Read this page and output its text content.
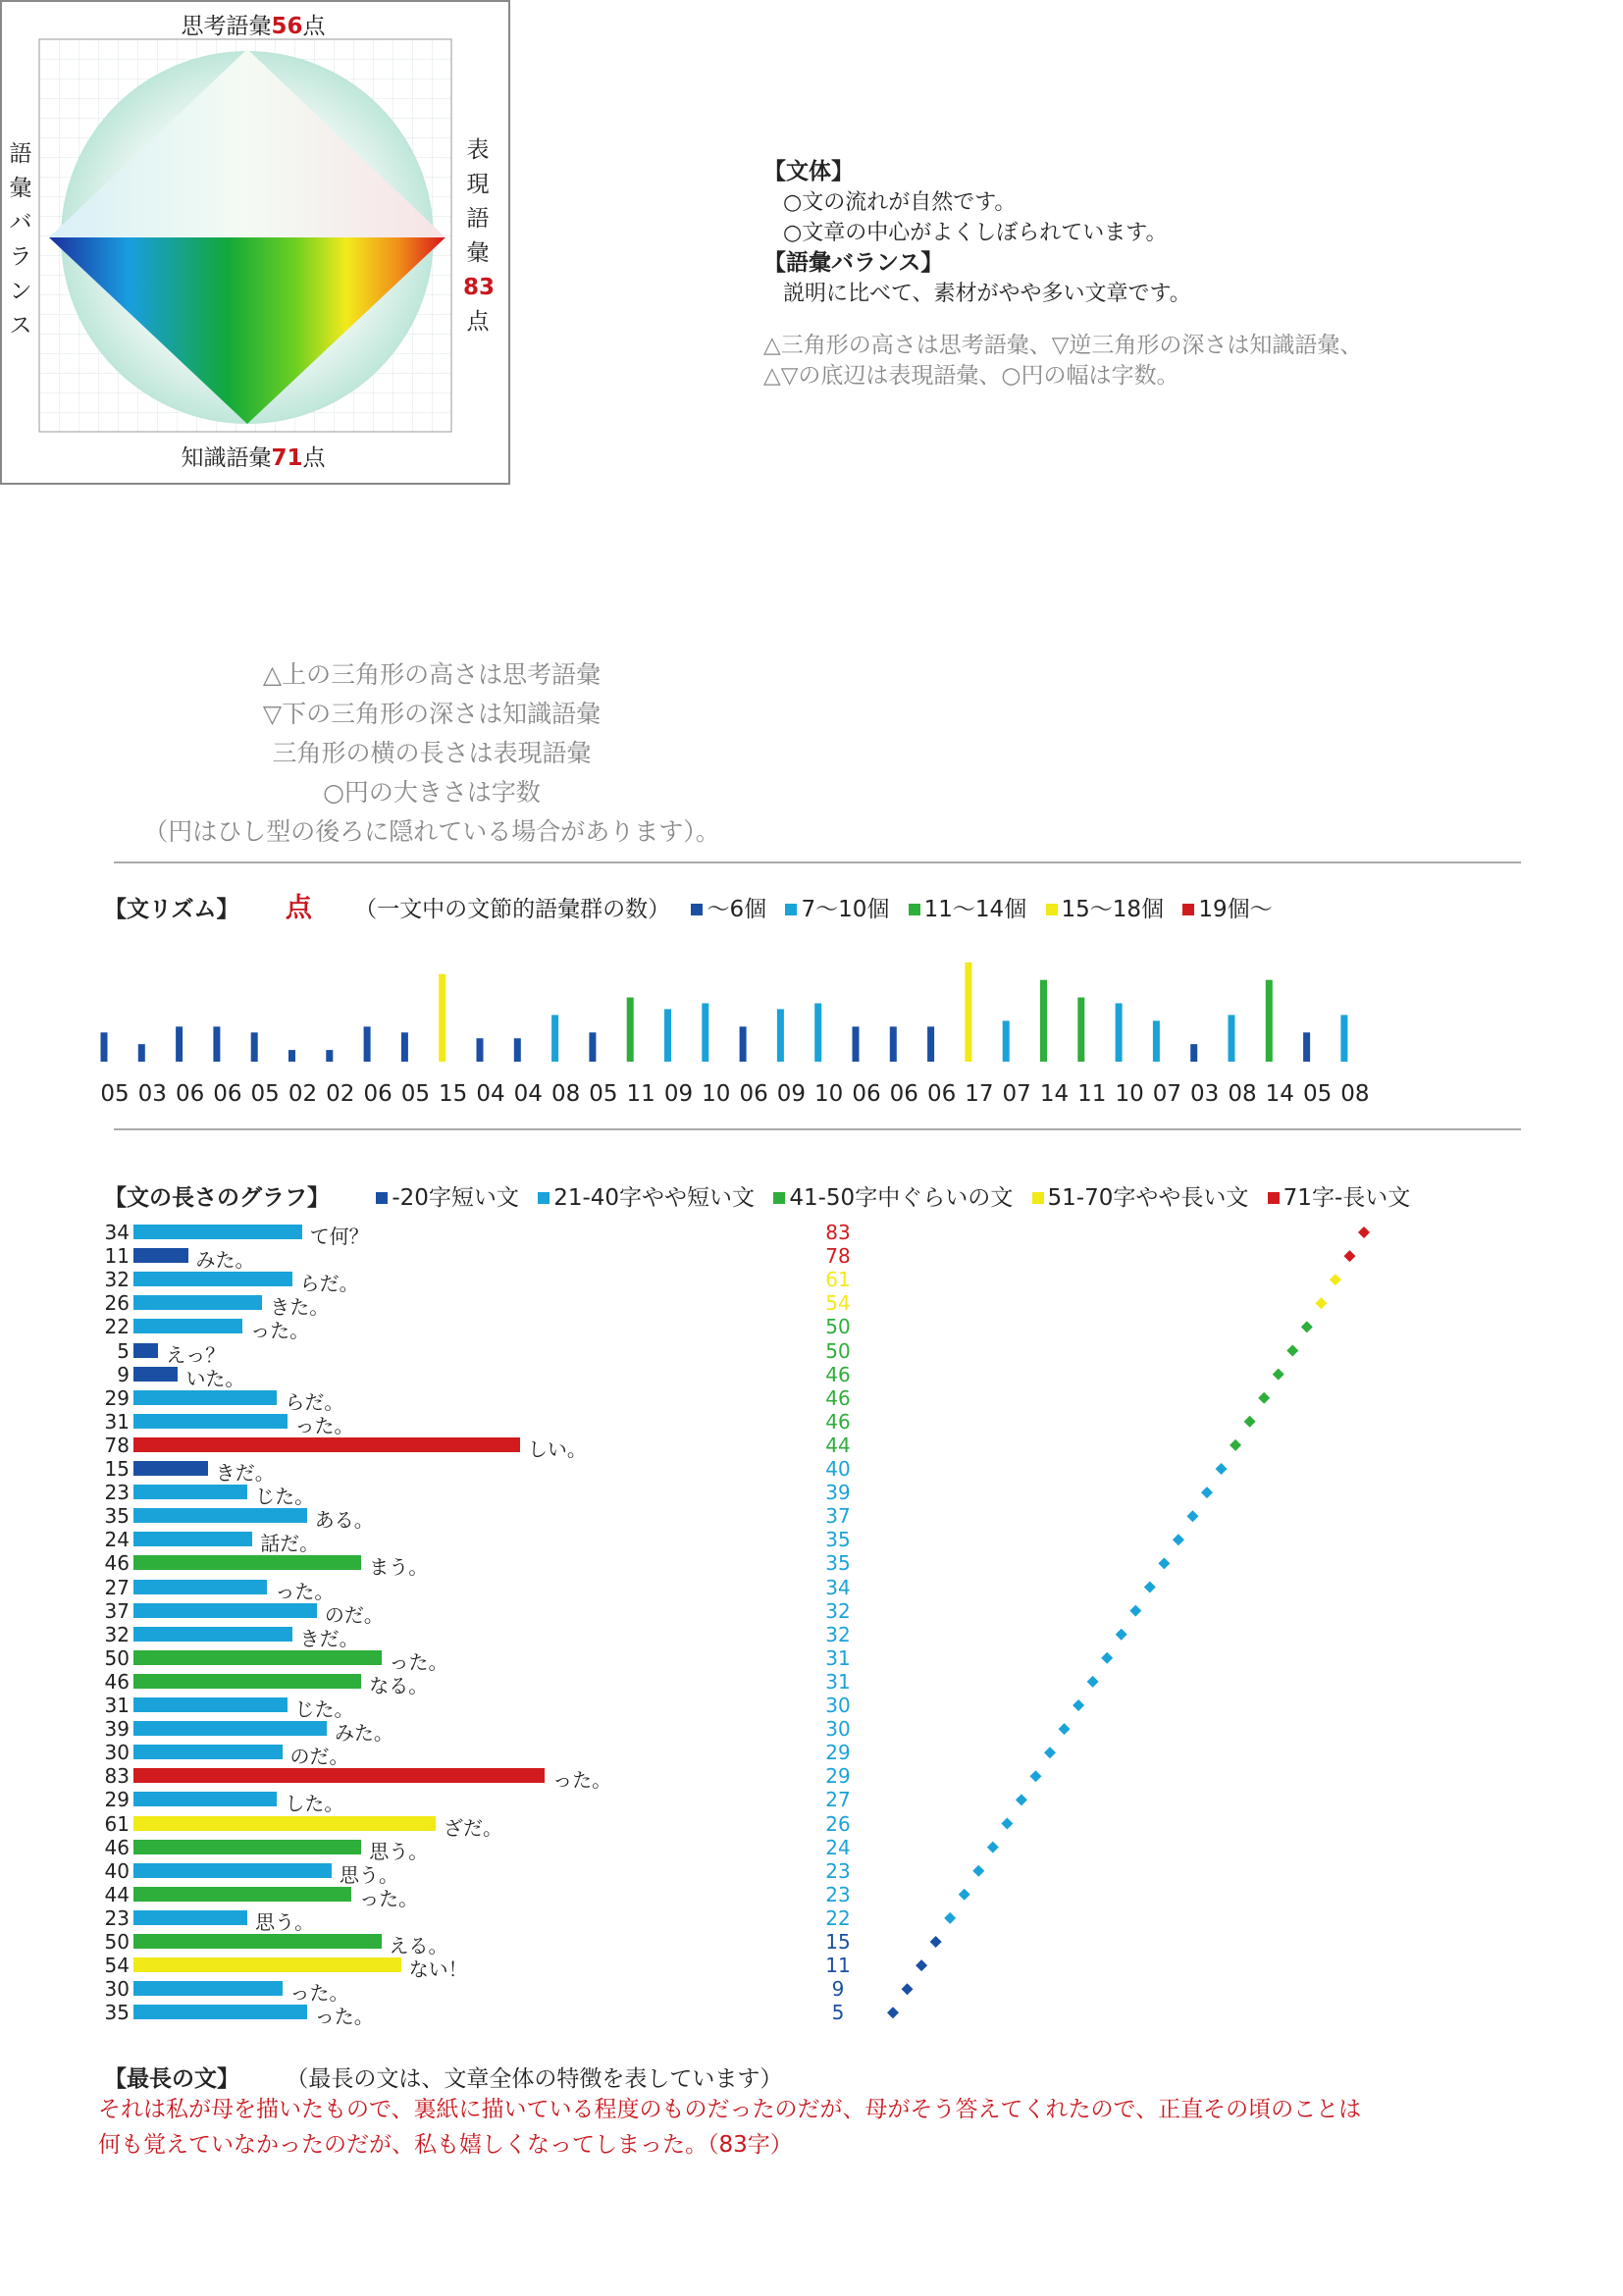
思考語彙56点
知識語彙71点
語
彙
バ
ラ
ン
ス
表
現
語
彙
83
点
△上の三角形の高さは思考語彙
▽下の三角形の深さは知識語彙
三角形の横の長さは表現語彙
○円の大きさは字数
（円はひし型の後ろに隠れている場合があります）。
【文体】
○文の流れが自然です。
○文章の中心がよくしぼられています。
【語彙バランス】
説明に比べて、素材がやや多い文章です。
△三角形の高さは思考語彙、▽逆三角形の深さは知識語彙、
△▽の底辺は表現語彙、○円の幅は字数。
【文リズム】 点 （一文中の文節的語彙群の数） ～6個 7～10個 11～14個 15～18個 19個～
05 03 06 06 05 02 02 06 05 15 04 04 08 05 11 09 10 06 09 10 06 06 06 17 07 14 11 10 07 03 08 14 05 08
【文の長さのグラフ】	-20字短い文 21-40字やや短い文 41-50字中ぐらいの文 51-70字やや長い文 71字-長い文
34	て何？
11	みた。
32	らだ。
26	きた。
22	った。
5 えっ？
9	いた。
29	らだ。
31	った。
78	しい。
15	きだ。
23	じた。
35	ある。
24	話だ。
46	まう。
27	った。
37	のだ。
32	きだ。
50	った。
46	なる。
31	じた。
39	みた。
30	のだ。
83	った。
29	した。
61	ざだ。
46	思う。
40	思う。
44	った。
23	思う。
50	える。
54	ない！
30	った。
35	った。
83
78
61
54
50
50
46
46
46
44
40
39
37
35
35
34
32
32
31
31
30
30
29
29
27
26
24
23
23
22
15
11
9
5
【最長の文】 （最長の文は、文章全体の特徴を表しています）
それは私が母を描いたもので、裏紙に描いている程度のものだったのだが、母がそう答えてくれたので、正直その頃のことは
何も覚えていなかったのだが、私も嬉しくなってしまった。（83字）
